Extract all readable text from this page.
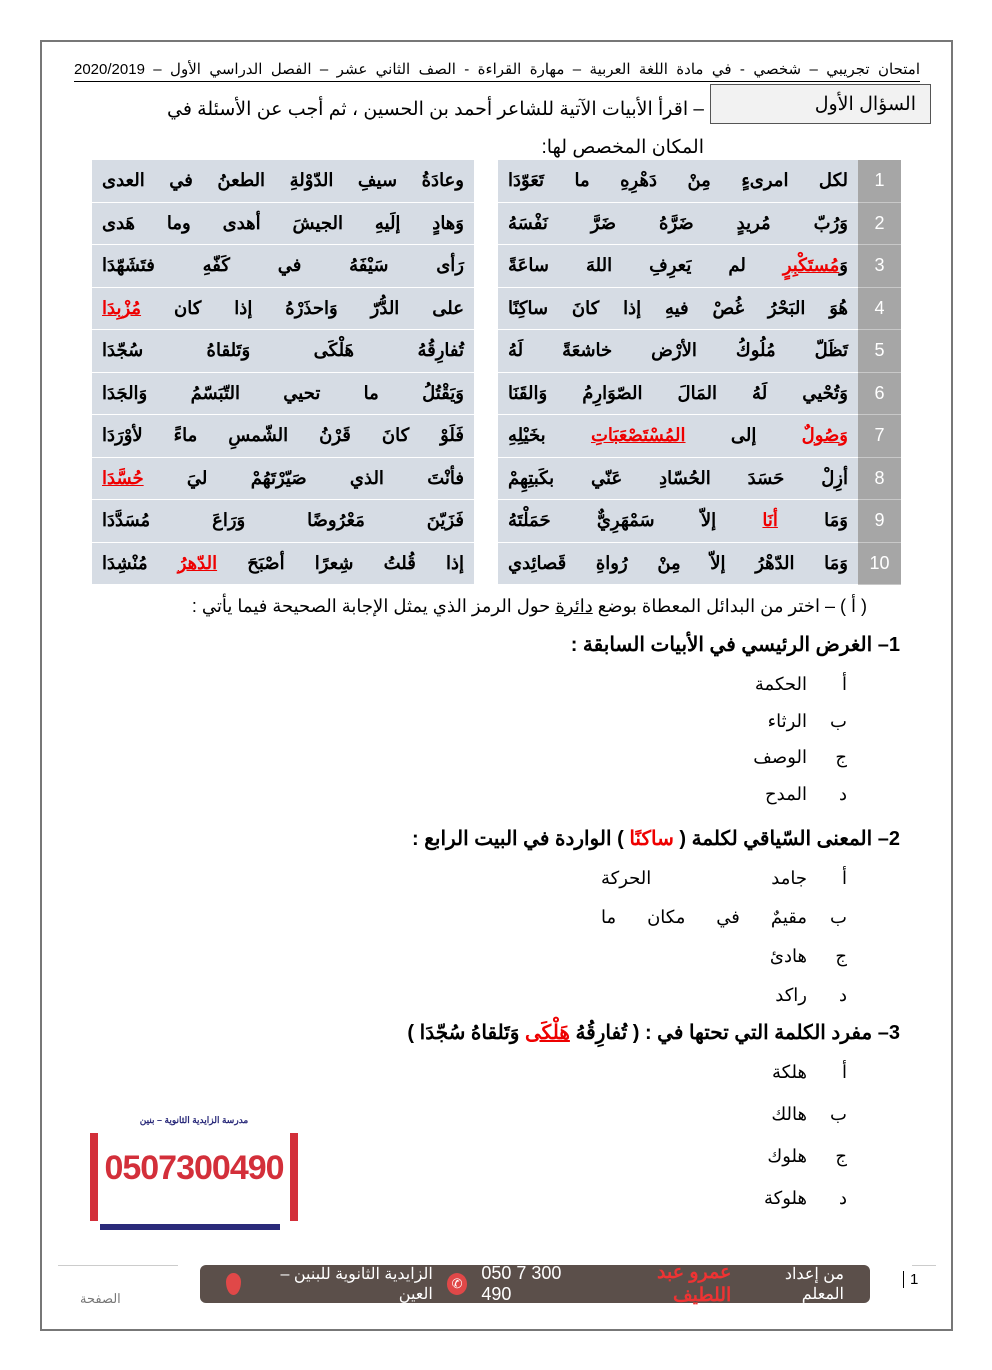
امتحان تجريبي – شخصي - في مادة اللغة العربية – مهارة القراءة - الصف الثاني عشر – الفصل الدراسي الأول – 2020/2019
السؤال الأول
– اقرأ الأبيات الآتية للشاعر أحمد بن الحسين ، ثم أجب عن الأسئلة في المكان المخصص لها:
وعادَةُ سيفِ الدّوْلةِ الطعنُ في العدى
وَهادٍ إلَيهِ الجيشَ أهدى وما هَدى
رَأى سَيْفَهُ في كَفّهِ فتَشَهّدَا
على الدُّرّ وَاحذَرْهُ إذا كان مُزْبِدَا
تُفارِقُهُ هَلْكَى وَتَلقاهُ سُجّدَا
وَيَقْتُلُ ما تحيي التّبَسّمُ وَالجَدَا
فَلَوْ كانَ قَرْنُ الشّمسِ ماءً لأوْرَدَا
فأنْتَ الذي صَيّرْتَهُمْ ليَ حُسَّدَا
فَزَيّنَ مَعْرُوضًا وَرَاعَ مُسَدَّدَا
إذا قُلتُ شِعرًا أصْبَحَ الدّهرُ مُنْشِدَا
لكل امرىءٍ مِنْ دَهْرِهِ ما تَعَوّدَا
وَرُبّ مُريدٍ ضَرَّهُ ضَرَّ نَفْسَهُ
وَمُستَكْبِرٍ لم يَعرِفِ اللهَ ساعَةً
هُوَ البَحْرُ غُصْ فيهِ إذا كانَ ساكِنًا
تَظَلّ مُلُوكُ الأرْض خاشعَةً لَهُ
وَتُحْيي لَهُ المَالَ الصّوَارِمُ وَالقَنَا
وَصُولٌ إلى المُسْتَصْعَبَاتِ بخَيْلِهِ
أزِلْ حَسَدَ الحُسّادِ عَنّي بكَبتِهِمْ
وَمَا أنَا إلاّ سَمْهَرِيٌّ حَمَلْتَهُ
وَمَا الدّهْرُ إلاّ مِنْ رُواةِ قَصائِدي
1
2
3
4
5
6
7
8
9
10
( أ ) – اختر من البدائل المعطاة بوضع دائرة حول الرمز الذي يمثل الإجابة الصحيحة فيما يأتي :
1– الغرض الرئيسي في الأبيات السابقة :
أ
الحكمة
ب
الرثاء
ج
الوصف
د
المدح
2– المعنى السّياقي لكلمة ( ساكنًا ) الواردة في البيت الرابع :
أ
جامد الحركة
ب
مقيمٌ في مكان ما
ج
هادئ
د
راكد
3– مفرد الكلمة التي تحتها في : ( تُفارِقُهُ هَلْكَى وَتَلقاهُ سُجّدَا )
أ
هلكة
ب
هالك
ج
هلوك
د
هلوكة
مدرسة الزايدية الثانوية – بنين
0507300490
من إعداد المعلم
عمرو عبد اللطيف
050 7 300 490
✆
الزايدية الثانوية للبنين – العين
1
الصفحة
